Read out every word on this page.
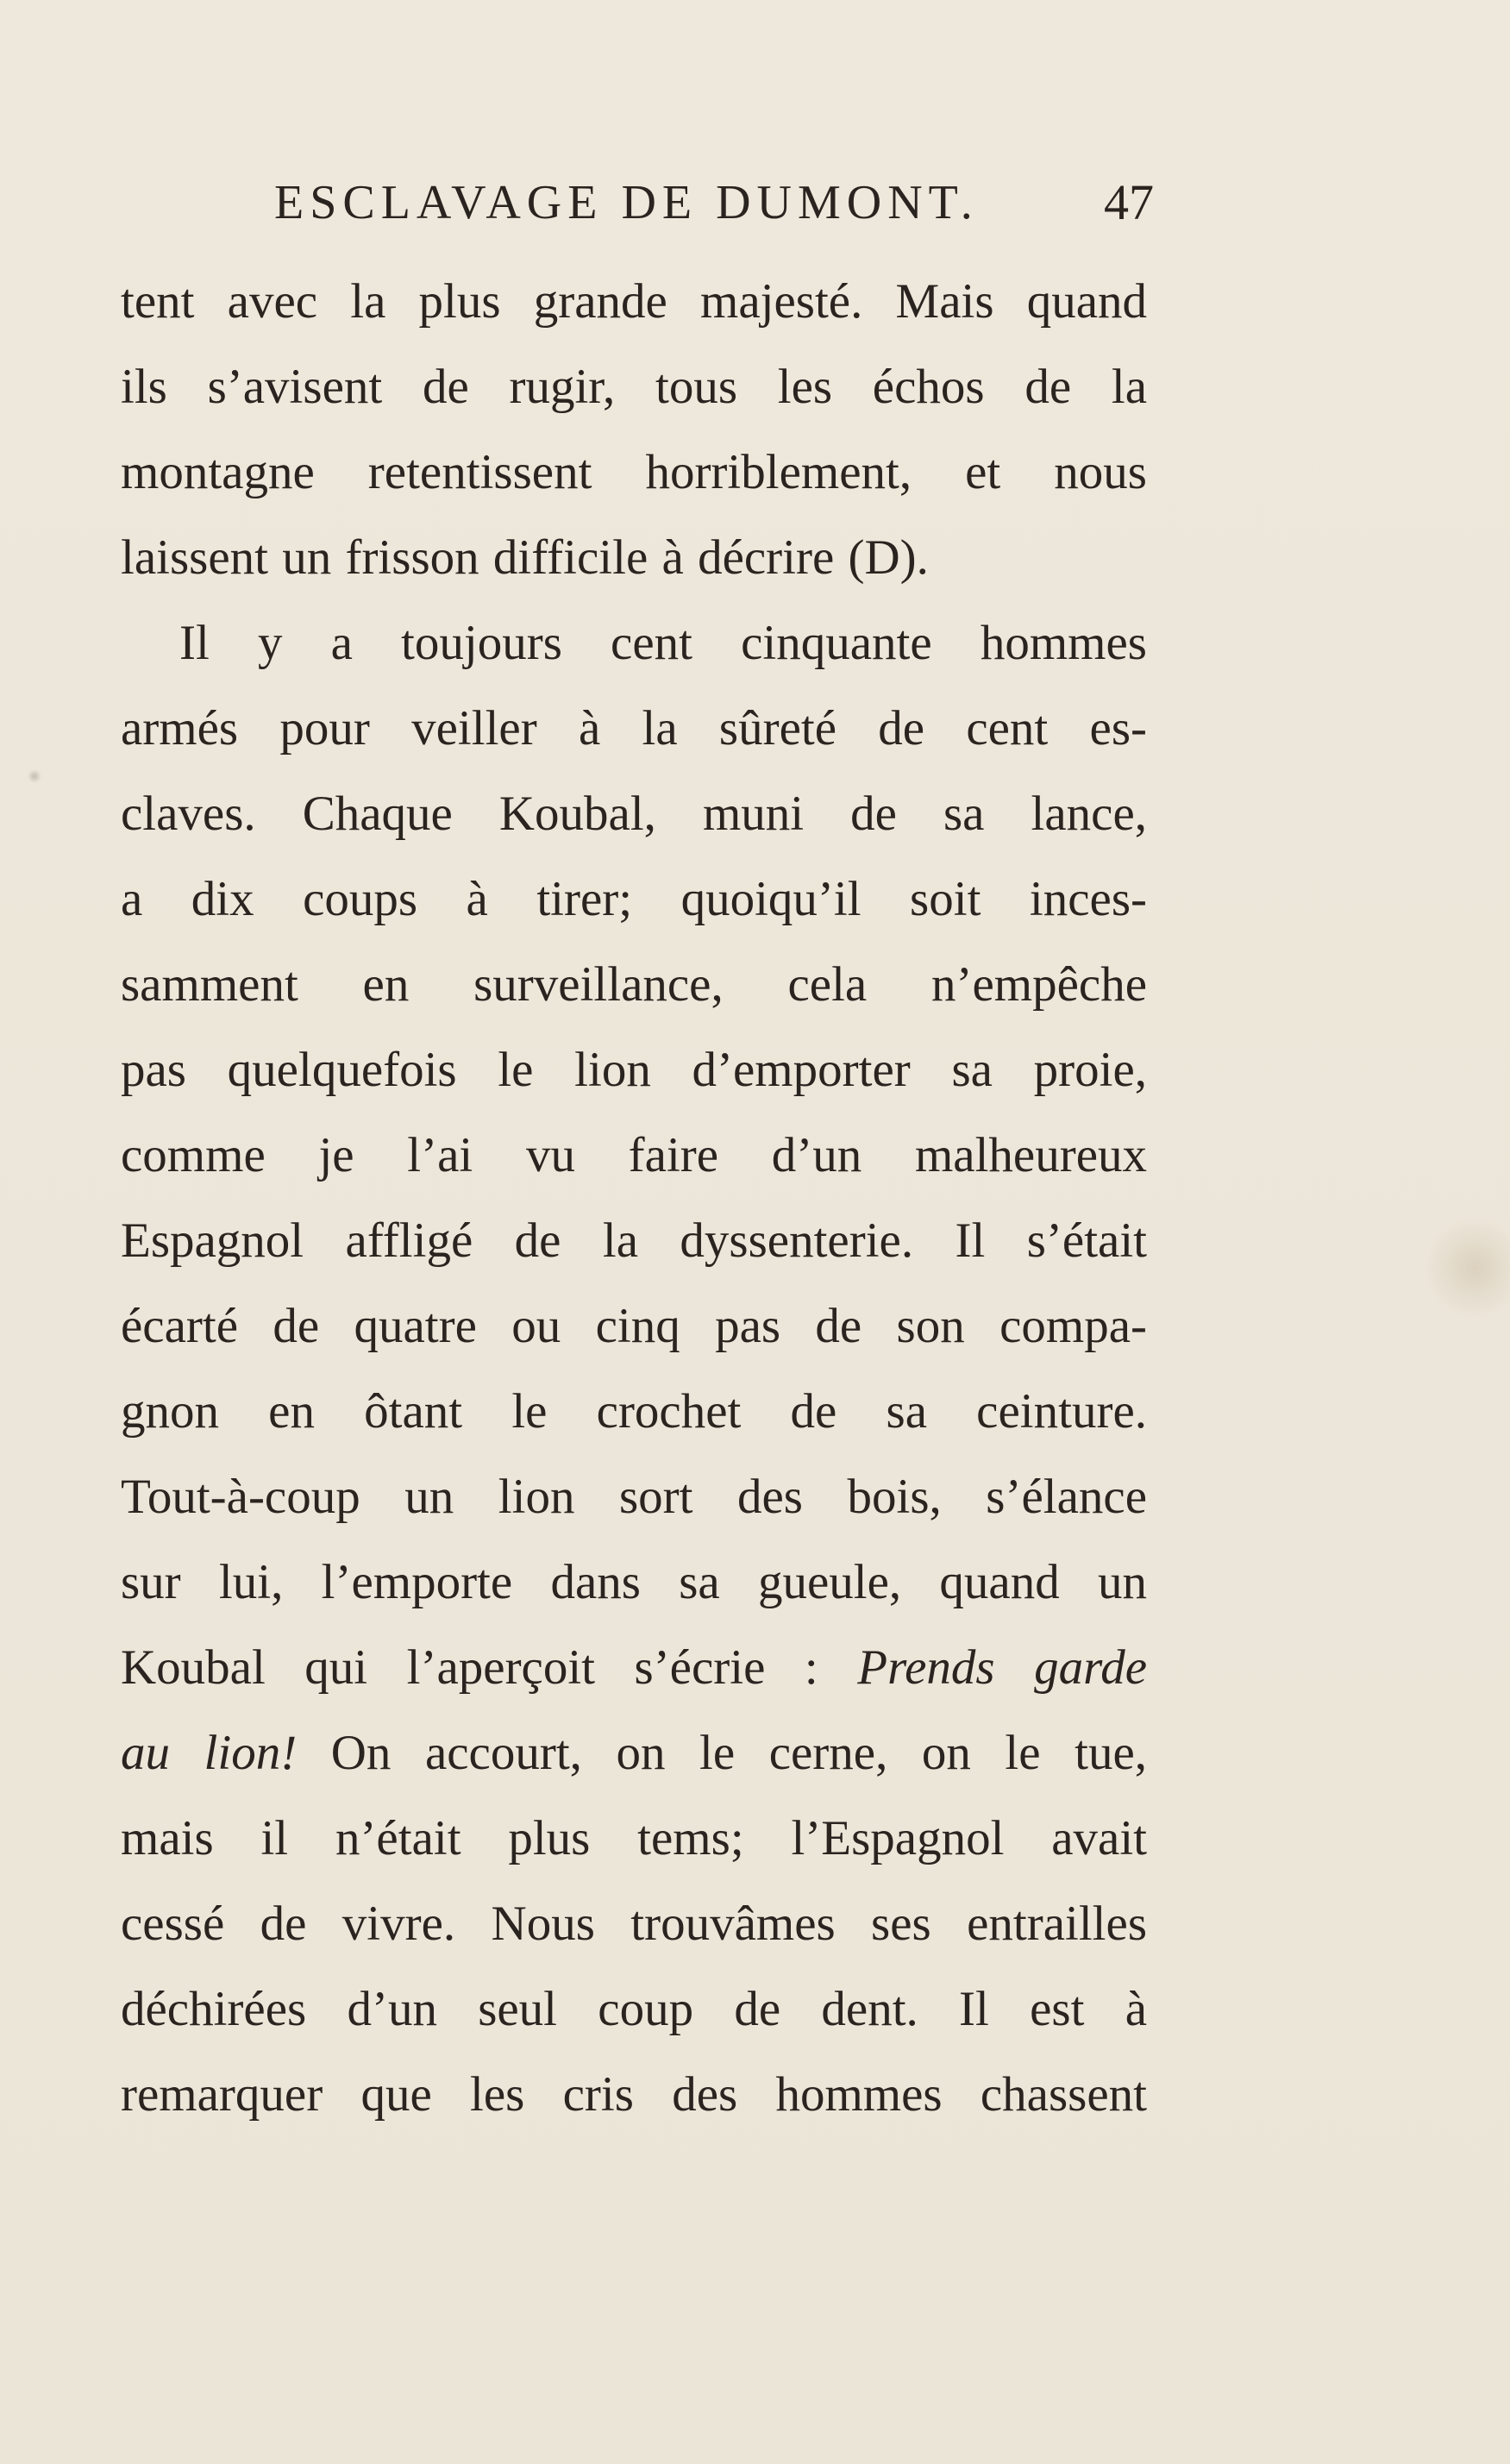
ESCLAVAGE DE DUMONT.	47
tent avec la plus grande majesté. Mais quand
ils s’avisent de rugir, tous les échos de la
montagne retentissent horriblement, et nous
laissent un frisson difficile à décrire (D).
Il y a toujours cent cinquante hommes
armés pour veiller à la sûreté de cent es-
claves. Chaque Koubal, muni de sa lance,
a dix coups à tirer; quoiqu’il soit inces-
samment en surveillance, cela n’empêche
pas quelquefois le lion d’emporter sa proie,
comme je l’ai vu faire d’un malheureux
Espagnol affligé de la dyssenterie. Il s’était
écarté de quatre ou cinq pas de son compa-
gnon en ôtant le crochet de sa ceinture.
Tout-à-coup un lion sort des bois, s’élance
sur lui, l’emporte dans sa gueule, quand un
Koubal qui l’aperçoit s’écrie : Prends garde
au lion! On accourt, on le cerne, on le tue,
mais il n’était plus tems; l’Espagnol avait
cessé de vivre. Nous trouvâmes ses entrailles
déchirées d’un seul coup de dent. Il est à
remarquer que les cris des hommes chassent
